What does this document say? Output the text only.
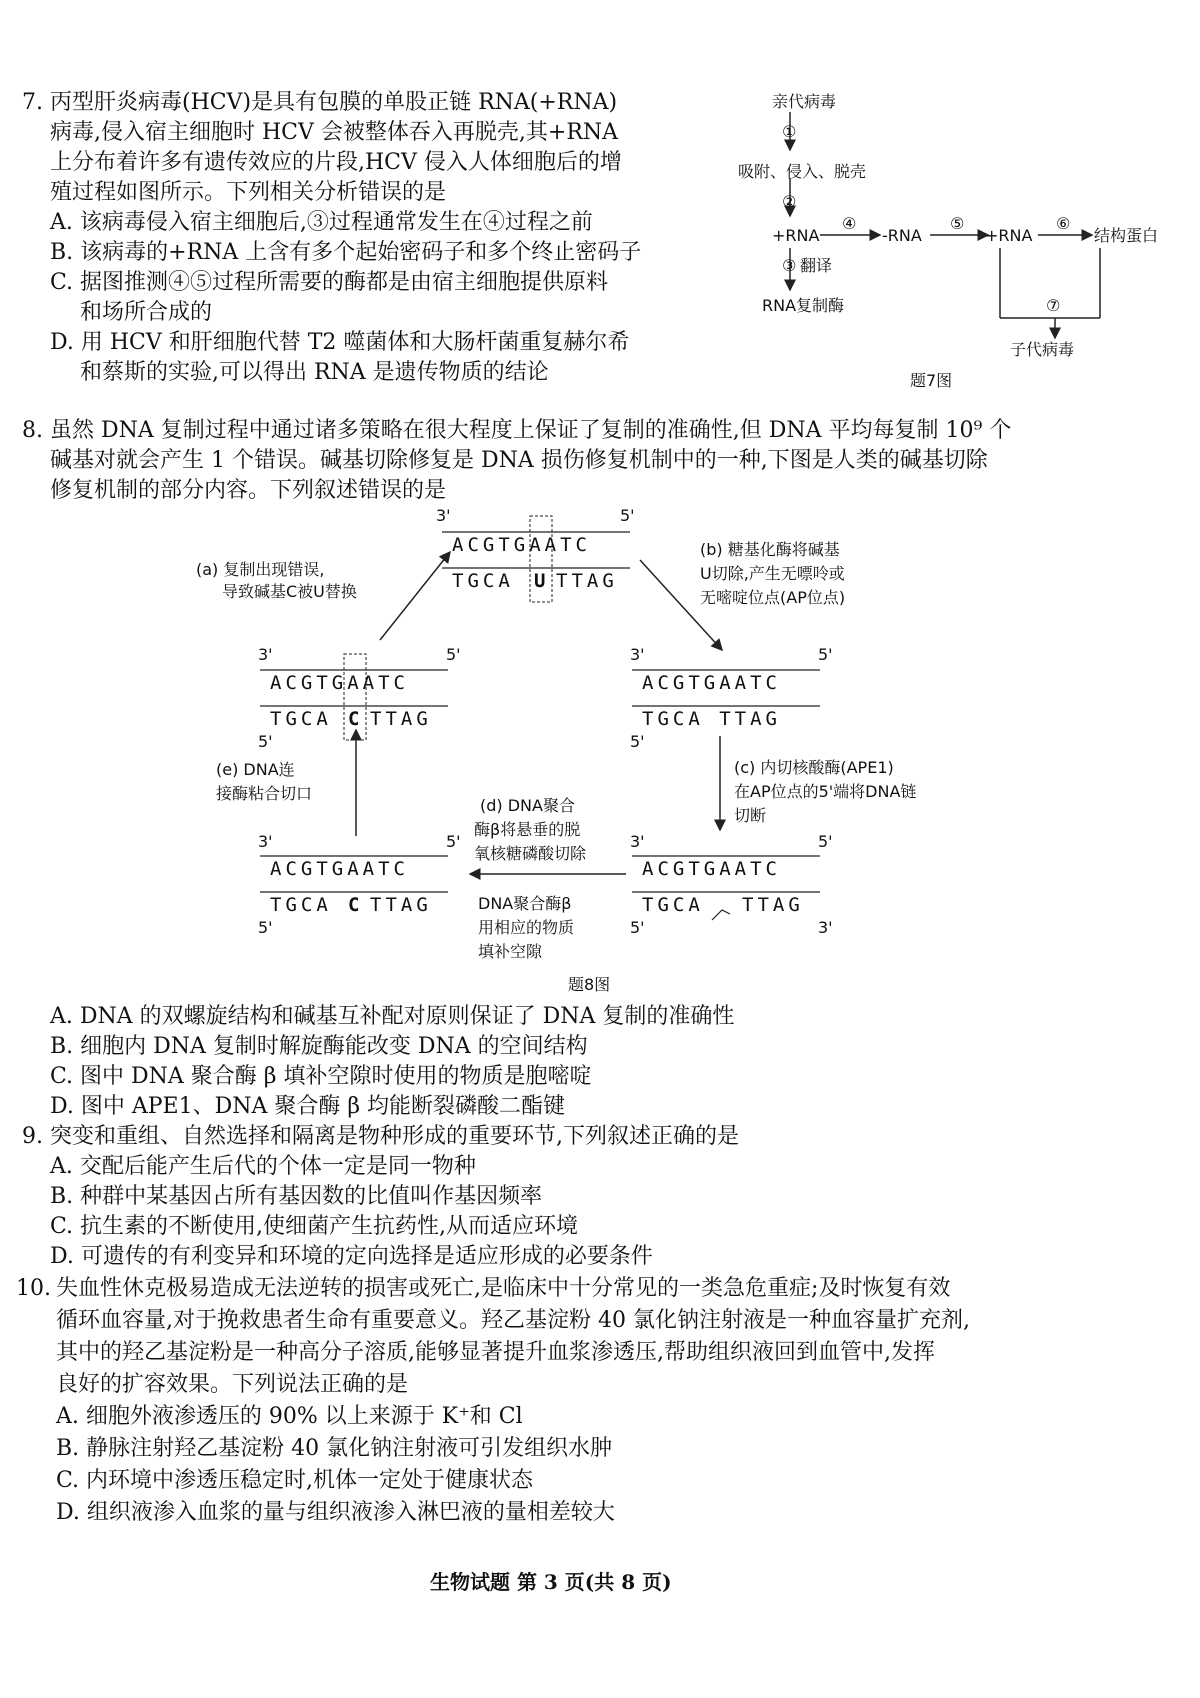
7. 丙型肝炎病毒(HCV)是具有包膜的单股正链 RNA(+RNA)
病毒,侵入宿主细胞时 HCV 会被整体吞入再脱壳,其+RNA
上分布着许多有遗传效应的片段,HCV 侵入人体细胞后的增
殖过程如图所示。下列相关分析错误的是
A. 该病毒侵入宿主细胞后,③过程通常发生在④过程之前
B. 该病毒的+RNA 上含有多个起始密码子和多个终止密码子
C. 据图推测④⑤过程所需要的酶都是由宿主细胞提供原料
和场所合成的
D. 用 HCV 和肝细胞代替 T2 噬菌体和大肠杆菌重复赫尔希
和蔡斯的实验,可以得出 RNA 是遗传物质的结论
亲代病毒
①
吸附、侵入、脱壳
②
+RNA
④
-RNA
⑤
+RNA
⑥
结构蛋白
③ 翻译
RNA复制酶	⑦
子代病毒
题7图
8. 虽然 DNA 复制过程中通过诸多策略在很大程度上保证了复制的准确性,但 DNA 平均每复制 10⁹ 个
碱基对就会产生 1 个错误。碱基切除修复是 DNA 损伤修复机制中的一种,下图是人类的碱基切除
修复机制的部分内容。下列叙述错误的是
3'	5'
ACGTGAATC
TGCA U TTAG
3'	5'
ACGTGAATC
TGCA C TTAG
5'
3'	5'
ACGTGAATC
TGCA TTAG
5'
3'	5'
ACGTGAATC
TGCA TTAG
5'	3'
3'	5'
ACGTGAATC
TGCA C TTAG
5'
(a) 复制出现错误,
导致碱基C被U替换
(b) 糖基化酶将碱基
U切除,产生无嘌呤或
无嘧啶位点(AP位点)
(c) 内切核酸酶(APE1)
在AP位点的5'端将DNA链
切断
(d) DNA聚合
酶β将悬垂的脱
氧核糖磷酸切除
DNA聚合酶β
用相应的物质
填补空隙
(e) DNA连
接酶粘合切口
题8图
A. DNA 的双螺旋结构和碱基互补配对原则保证了 DNA 复制的准确性
B. 细胞内 DNA 复制时解旋酶能改变 DNA 的空间结构
C. 图中 DNA 聚合酶 β 填补空隙时使用的物质是胞嘧啶
D. 图中 APE1、DNA 聚合酶 β 均能断裂磷酸二酯键
9. 突变和重组、自然选择和隔离是物种形成的重要环节,下列叙述正确的是
A. 交配后能产生后代的个体一定是同一物种
B. 种群中某基因占所有基因数的比值叫作基因频率
C. 抗生素的不断使用,使细菌产生抗药性,从而适应环境
D. 可遗传的有利变异和环境的定向选择是适应形成的必要条件
10. 失血性休克极易造成无法逆转的损害或死亡,是临床中十分常见的一类急危重症;及时恢复有效
循环血容量,对于挽救患者生命有重要意义。羟乙基淀粉 40 氯化钠注射液是一种血容量扩充剂,
其中的羟乙基淀粉是一种高分子溶质,能够显著提升血浆渗透压,帮助组织液回到血管中,发挥
良好的扩容效果。下列说法正确的是
A. 细胞外液渗透压的 90% 以上来源于 K⁺和 Cl
B. 静脉注射羟乙基淀粉 40 氯化钠注射液可引发组织水肿
C. 内环境中渗透压稳定时,机体一定处于健康状态
D. 组织液渗入血浆的量与组织液渗入淋巴液的量相差较大
生物试题 第 3 页(共 8 页)
